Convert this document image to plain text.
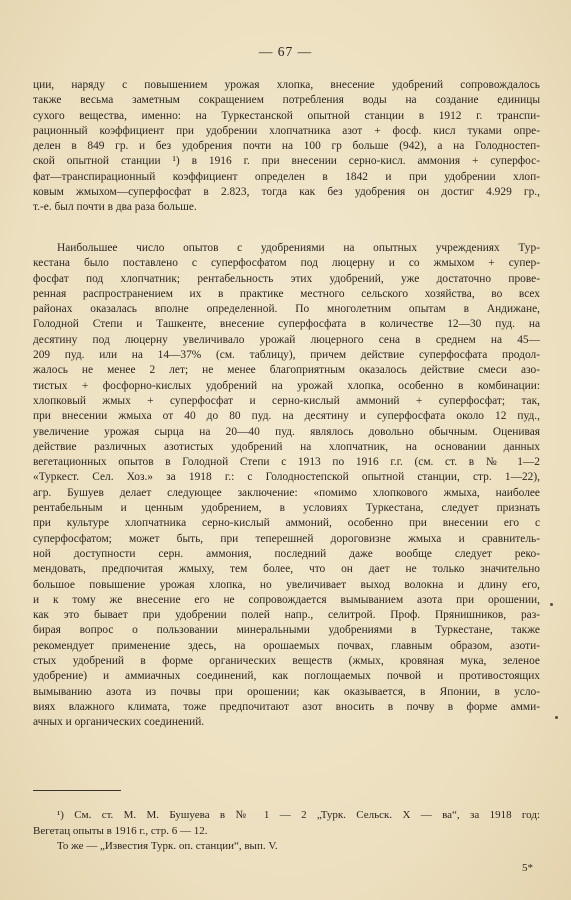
— 67 —
ции, наряду с повышением урожая хлопка, внесение удобрений сопровождалось
также весьма заметным сокращением потребления воды на создание единицы
сухого вещества, именно: на Туркестанской опытной станции в 1912 г. транспи-
рационный коэффициент при удобрении хлопчатника азот + фосф. кисл туками опре-
делен в 849 гр. и без удобрения почти на 100 гр больше (942), а на Голодностеп-
ской опытной станции ¹) в 1916 г. при внесении серно-кисл. аммония + суперфос-
фат—транспирационный коэффициент определен в 1842 и при удобрении хлоп-
ковым жмыхом—суперфосфат в 2.823, тогда как без удобрения он достиг 4.929 гр.,
т.-е. был почти в два раза больше.
Наибольшее число опытов с удобрениями на опытных учреждениях Тур-
кестана было поставлено с суперфосфатом под люцерну и со жмыхом + супер-
фосфат под хлопчатник; рентабельность этих удобрений, уже достаточно прове-
ренная распространением их в практике местного сельского хозяйства, во всех
районах оказалась вполне определенной. По многолетним опытам в Андижане,
Голодной Степи и Ташкенте, внесение суперфосфата в количестве 12—30 пуд. на
десятину под люцерну увеличивало урожай люцерного сена в среднем на 45—
209 пуд. или на 14—37% (см. таблицу), причем действие суперфосфата продол-
жалось не менее 2 лет; не менее благоприятным оказалось действие смеси азо-
тистых + фосфорно-кислых удобрений на урожай хлопка, особенно в комбинации:
хлопковый жмых + суперфосфат и серно-кислый аммоний + суперфосфат; так,
при внесении жмыха от 40 до 80 пуд. на десятину и суперфосфата около 12 пуд.,
увеличение урожая сырца на 20—40 пуд. являлось довольно обычным. Оценивая
действие различных азотистых удобрений на хлопчатник, на основании данных
вегетационных опытов в Голодной Степи с 1913 по 1916 г.г. (см. ст. в № 1—2
«Туркест. Сел. Хоз.» за 1918 г.: с Голодностепской опытной станции, стр. 1—22),
агр. Бушуев делает следующее заключение: «помимо хлопкового жмыха, наиболее
рентабельным и ценным удобрением, в условиях Туркестана, следует признать
при культуре хлопчатника серно-кислый аммоний, особенно при внесении его с
суперфосфатом; может быть, при теперешней дороговизне жмыха и сравнитель-
ной доступности серн. аммония, последний даже вообще следует реко-
мендовать, предпочитая жмыху, тем более, что он дает не только значительно
большое повышение урожая хлопка, но увеличивает выход волокна и длину его,
и к тому же внесение его не сопровождается вымыванием азота при орошении,
как это бывает при удобрении полей напр., селитрой. Проф. Прянишников, раз-
бирая вопрос о пользовании минеральными удобрениями в Туркестане, также
рекомендует применение здесь, на орошаемых почвах, главным образом, азоти-
стых удобрений в форме органических веществ (жмых, кровяная мука, зеленое
удобрение) и аммиачных соединений, как поглощаемых почвой и противостоящих
вымыванию азота из почвы при орошении; как оказывается, в Японии, в усло-
виях влажного климата, тоже предпочитают азот вносить в почву в форме амми-
ачных и органических соединений.
¹) См. ст. М. М. Бушуева в № 1 — 2 „Турк. Сельск. Х — ва“, за 1918 год:
Вегетац опыты в 1916 г., стр. 6 — 12.
То же — „Известия Турк. оп. станции“, вып. V.
5*
